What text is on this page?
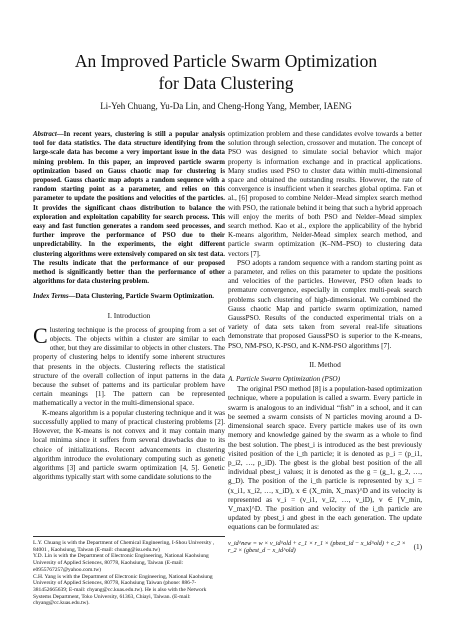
An Improved Particle Swarm Optimization
for Data Clustering
Li-Yeh Chuang, Yu-Da Lin, and Cheng-Hong Yang, Member, IAENG

Abstract—In recent years, clustering is still a popular analysis tool for data statistics. The data structure identifying from the large-scale data has become a very important issue in the data mining problem. In this paper, an improved particle swarm optimization based on Gauss chaotic map for clustering is proposed. Gauss chaotic map adopts a random sequence with a random starting point as a parameter, and relies on this parameter to update the positions and velocities of the particles. It provides the significant chaos distribution to balance the exploration and exploitation capability for search process. This easy and fast function generates a random seed processes, and further improve the performance of PSO due to their unpredictability. In the experiments, the eight different clustering algorithms were extensively compared on six test data. The results indicate that the performance of our proposed method is significantly better than the performance of other algorithms for data clustering problem.

Index Terms—Data Clustering, Particle Swarm Optimization.

I. Introduction

Clustering technique is the process of grouping from a set of objects. The objects within a cluster are similar to each other, but they are dissimilar to objects in other clusters. The property of clustering helps to identify some inherent structures that presents in the objects. Clustering reflects the statistical structure of the overall collection of input patterns in the data because the subset of patterns and its particular problem have certain meanings [1]. The pattern can be represented mathematically a vector in the multi-dimensional space.

K-means algorithm is a popular clustering technique and it was successfully applied to many of practical clustering problems [2]. However, the K-means is not convex and it may contain many local minima since it suffers from several drawbacks due to its choice of initializations. Recent advancements in clustering algorithm introduce the evolutionary computing such as genetic algorithms [3] and particle swarm optimization [4, 5]. Genetic algorithms typically start with some candidate solutions to the

L.Y. Chuang is with the Department of Chemical Engineering, I-Shou University , 84001 , Kaohsiung, Taiwan (E-mail: chuang@isu.edu.tw)

Y.D. Lin is with the Department of Electronic Engineering, National Kaohsiung University of Applied Sciences, 80778, Kaohsiung, Taiwan (E-mail: e0955767257@yahoo.com.tw)

C.H. Yang is with the Department of Electronic Engineering, National Kaohsiung University of Applied Sciences, 80778, Kaohsiung Taiwan (phone: 886-7-381452665639; E-mail: chyang@cc.kuas.edu.tw). He is also with the Network Systems Department, Toko University, 61363, Chiayi, Taiwan. (E-mail: chyang@cc.kuas.edu.tw).

optimization problem and these candidates evolve towards a better solution through selection, crossover and mutation. The concept of PSO was designed to simulate social behavior which major property is information exchange and in practical applications. Many studies used PSO to cluster data within multi-dimensional space and obtained the outstanding results. However, the rate of convergence is insufficient when it searches global optima. Fan et al., [6] proposed to combine Nelder–Mead simplex search method with PSO, the rationale behind it being that such a hybrid approach will enjoy the merits of both PSO and Nelder–Mead simplex search method. Kao et al., explore the applicability of the hybrid K-means algorithm, Nelder-Mead simplex search method, and particle swarm optimization (K–NM–PSO) to clustering data vectors [7].

PSO adopts a random sequence with a random starting point as a parameter, and relies on this parameter to update the positions and velocities of the particles. However, PSO often leads to premature convergence, especially in complex multi-peak search problems such clustering of high-dimensional. We combined the Gauss chaotic Map and particle swarm optimization, named GaussPSO. Results of the conducted experimental trials on a variety of data sets taken from several real-life situations demonstrate that proposed GaussPSO is superior to the K-means, PSO, NM-PSO, K-PSO, and K-NM-PSO algorithms [7].

II. Method
A. Particle Swarm Optimization (PSO)

The original PSO method [8] is a population-based optimization technique, where a population is called a swarm. Every particle in swarm is analogous to an individual “fish” in a school, and it can be seemed a swarm consists of N particles moving around a D-dimensional search space. Every particle makes use of its own memory and knowledge gained by the swarm as a whole to find the best solution. The pbest_i is introduced as the best previously visited position of the i_th particle; it is denoted as p_i = (p_i1, p_i2, …, p_iD). The gbest is the global best position of the all individual pbest_i values; it is denoted as the g = (g_1, g_2, …, g_D). The position of the i_th particle is represented by x_i = (x_i1, x_i2, …, x_iD), x ∈ (X_min, X_max)^D and its velocity is represented as v_i = (v_i1, v_i2, …, v_iD), v ∈ [V_min, V_max]^D. The position and velocity of the i_th particle are updated by pbest_i and gbest in the each generation. The update equations can be formulated as:

v_id^new = w × v_id^old + c_1 × r_1 × (pbest_id − x_id^old) + c_2 × r_2 × (gbest_d − x_id^old)	(1)
